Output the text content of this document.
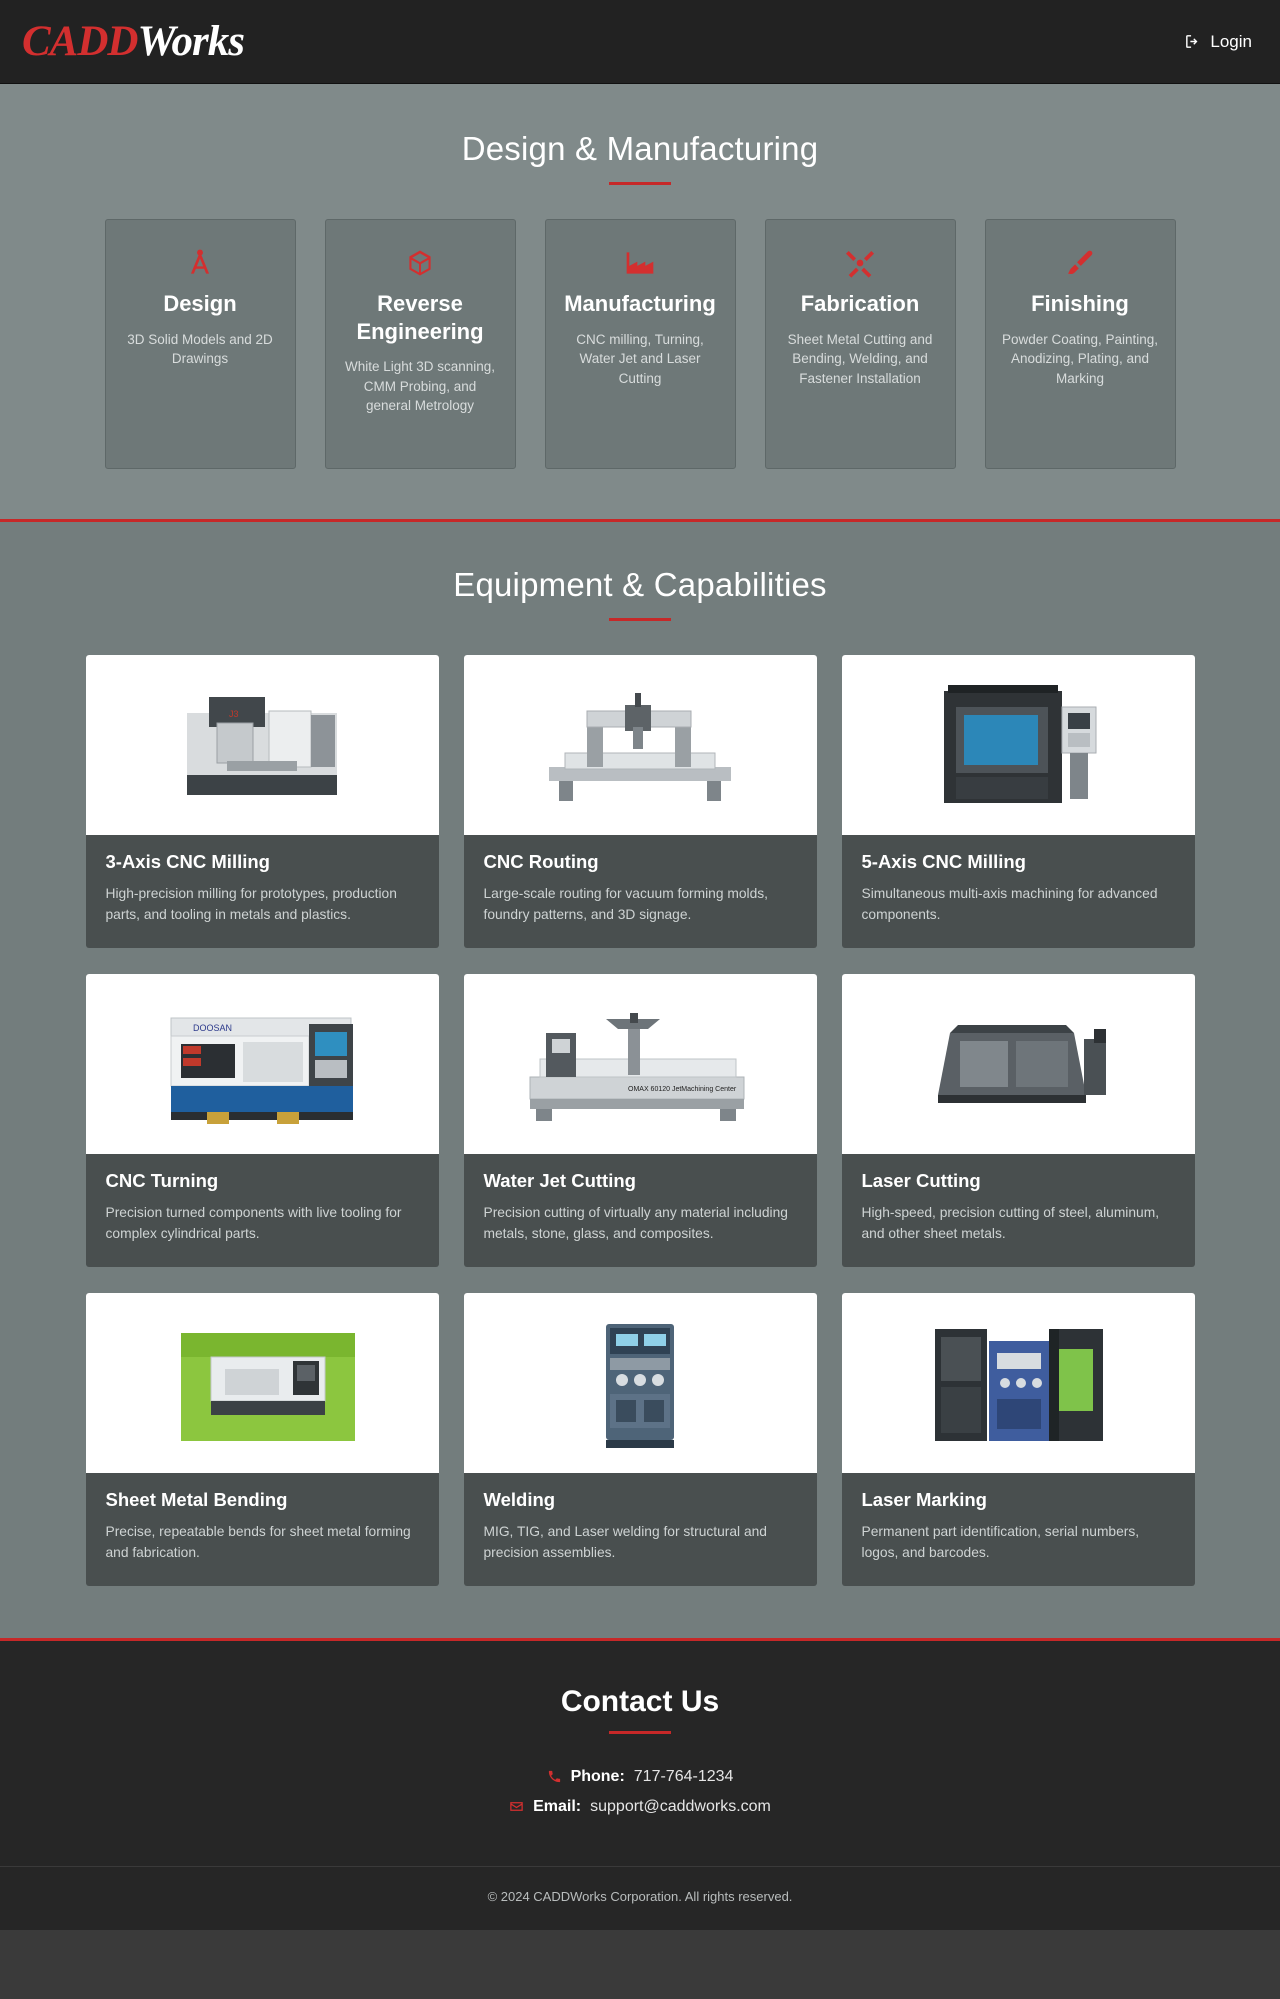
CADDWorks	Login
Design & Manufacturing
Design
3D Solid Models and 2D Drawings
Reverse Engineering
White Light 3D scanning, CMM Probing, and general Metrology
Manufacturing
CNC milling, Turning, Water Jet and Laser Cutting
Fabrication
Sheet Metal Cutting and Bending, Welding, and Fastener Installation
Finishing
Powder Coating, Painting, Anodizing, Plating, and Marking
Equipment & Capabilities
J3
3-Axis CNC Milling
High-precision milling for prototypes, production parts, and tooling in metals and plastics.
CNC Routing
Large-scale routing for vacuum forming molds, foundry patterns, and 3D signage.
5-Axis CNC Milling
Simultaneous multi-axis machining for advanced components.
DOOSAN
CNC Turning
Precision turned components with live tooling for complex cylindrical parts.
OMAX 60120 JetMachining Center
Water Jet Cutting
Precision cutting of virtually any material including metals, stone, glass, and composites.
Laser Cutting
High-speed, precision cutting of steel, aluminum, and other sheet metals.
Sheet Metal Bending
Precise, repeatable bends for sheet metal forming and fabrication.
Welding
MIG, TIG, and Laser welding for structural and precision assemblies.
Laser Marking
Permanent part identification, serial numbers, logos, and barcodes.
Contact Us
Phone: 717-764-1234
Email: support@caddworks.com
© 2024 CADDWorks Corporation. All rights reserved.
